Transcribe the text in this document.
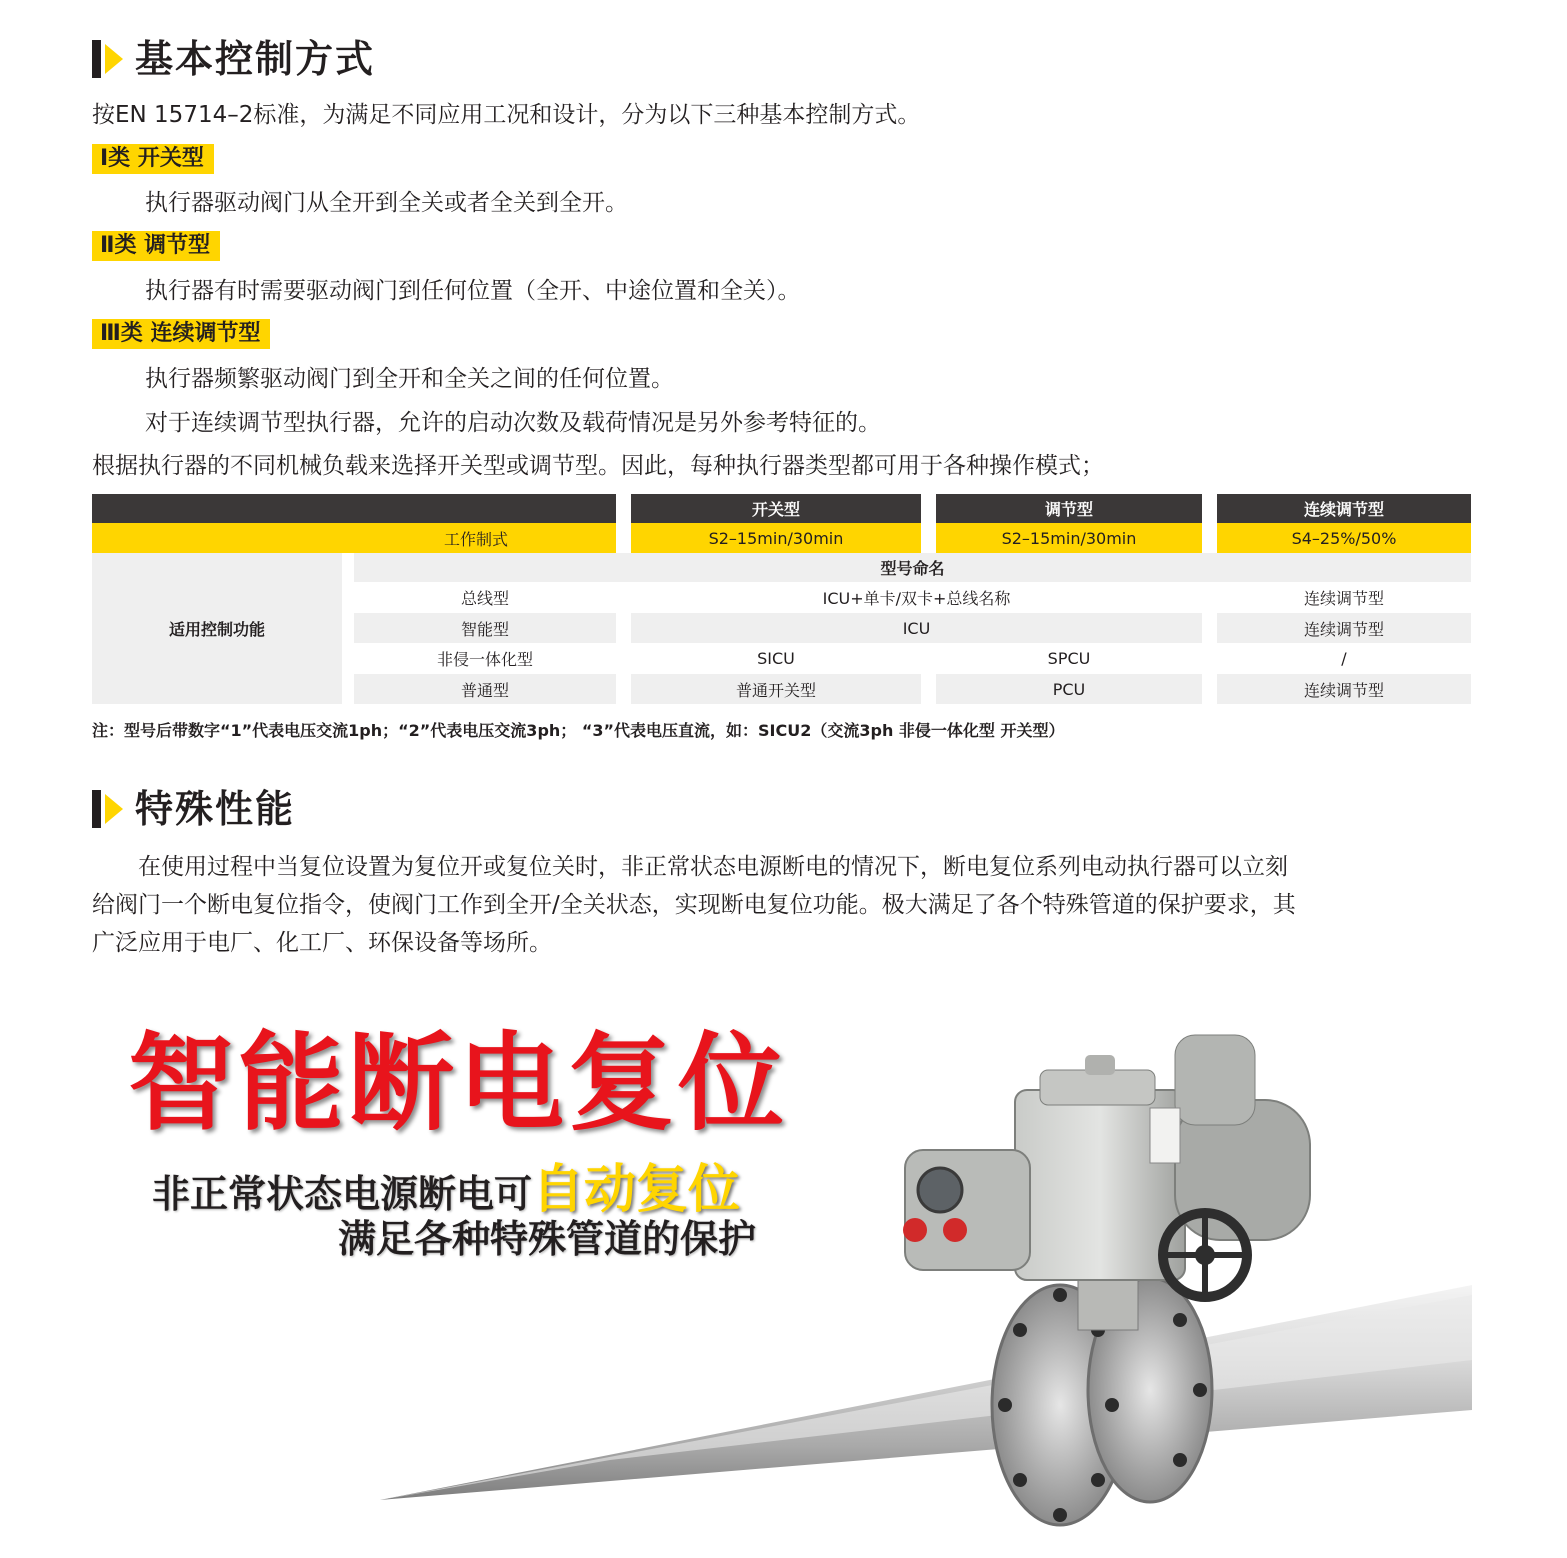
基本控制方式
按EN 15714–2标准，为满足不同应用工况和设计，分为以下三种基本控制方式。
Ⅰ类 开关型
执行器驱动阀门从全开到全关或者全关到全开。
Ⅱ类 调节型
执行器有时需要驱动阀门到任何位置（全开、中途位置和全关）。
Ⅲ类 连续调节型
执行器频繁驱动阀门到全开和全关之间的任何位置。
对于连续调节型执行器，允许的启动次数及载荷情况是另外参考特征的。
根据执行器的不同机械负载来选择开关型或调节型。因此，每种执行器类型都可用于各种操作模式；
开关型	调节型	连续调节型
工作制式	S2–15min/30min	S2–15min/30min	S4–25%/50%
适用控制功能
型号命名
总线型	ICU+单卡/双卡+总线名称	连续调节型
智能型	ICU	连续调节型
非侵一体化型	SICU	SPCU	/
普通型	普通开关型	PCU	连续调节型
注：型号后带数字“1”代表电压交流1ph；“2”代表电压交流3ph； “3”代表电压直流，如：SICU2（交流3ph 非侵一体化型 开关型）
特殊性能
　　在使用过程中当复位设置为复位开或复位关时，非正常状态电源断电的情况下，断电复位系列电动执行器可以立刻
给阀门一个断电复位指令，使阀门工作到全开/全关状态，实现断电复位功能。极大满足了各个特殊管道的保护要求，其
广泛应用于电厂、化工厂、环保设备等场所。
智能断电复位
非正常状态电源断电可自动复位
满足各种特殊管道的保护
